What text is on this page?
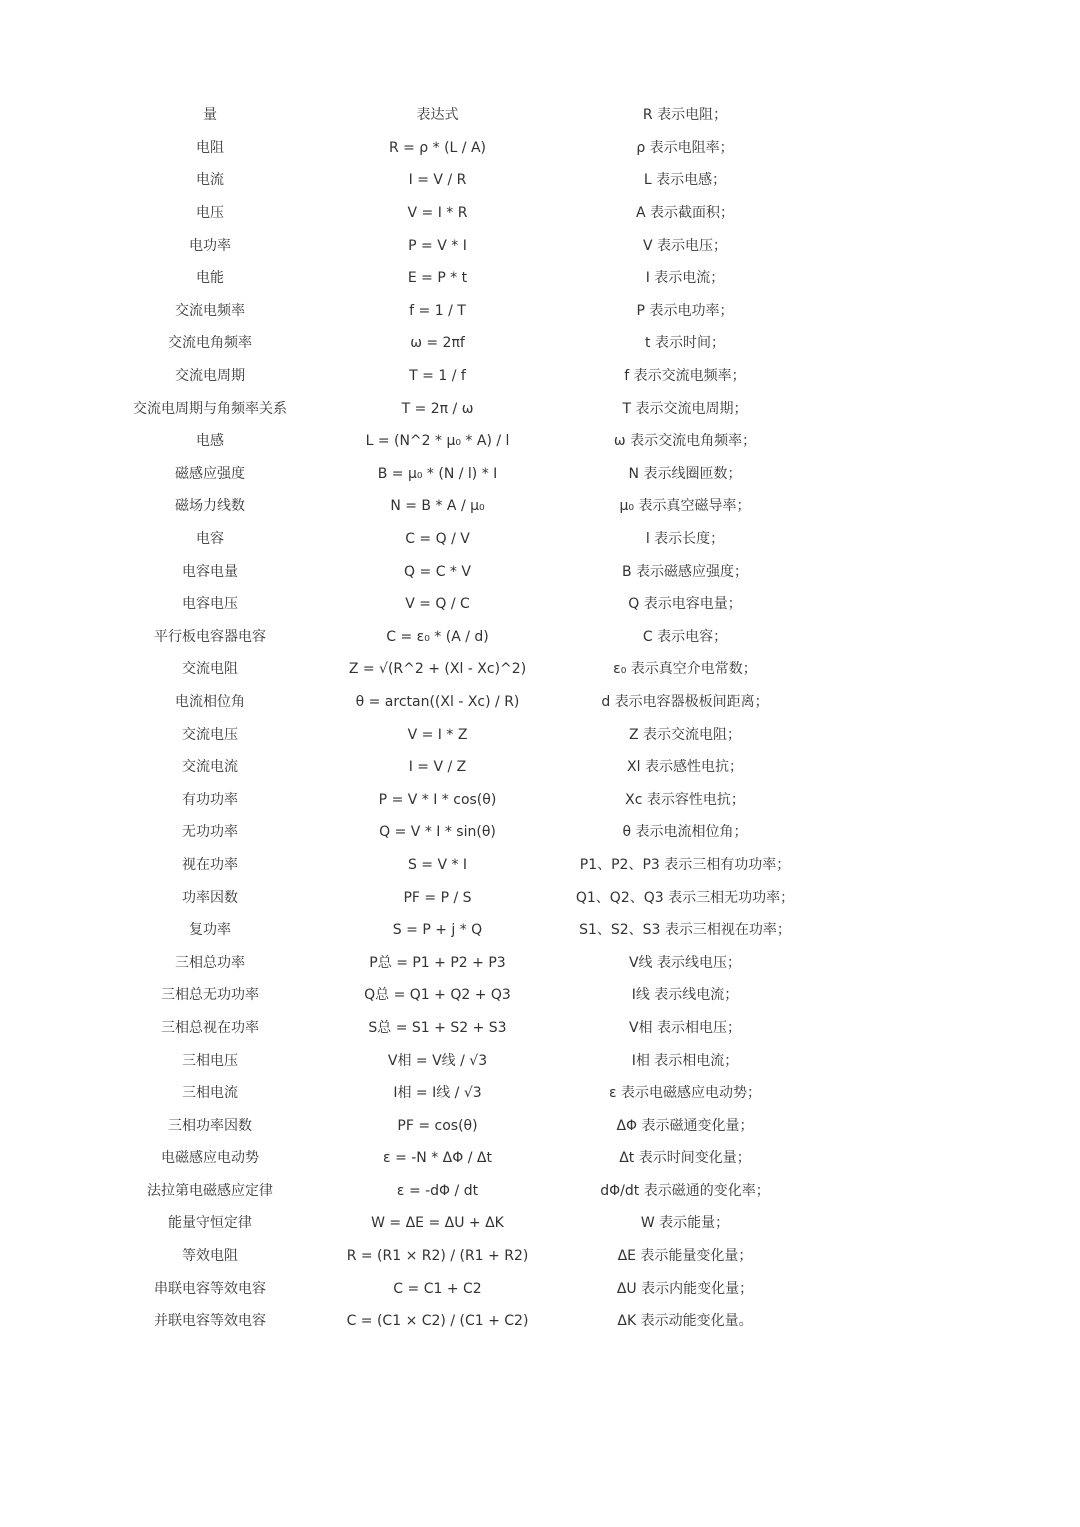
量	表达式	R 表示电阻；
电阻	R = ρ * (L / A)	ρ 表示电阻率；
电流	I = V / R	L 表示电感；
电压	V = I * R	A 表示截面积；
电功率	P = V * I	V 表示电压；
电能	E = P * t	I 表示电流；
交流电频率	f = 1 / T	P 表示电功率；
交流电角频率	ω = 2πf	t 表示时间；
交流电周期	T = 1 / f	f 表示交流电频率；
交流电周期与角频率关系	T = 2π / ω	T 表示交流电周期；
电感	L = (N^2 * μ₀ * A) / l	ω 表示交流电角频率；
磁感应强度	B = μ₀ * (N / l) * I	N 表示线圈匝数；
磁场力线数	N = B * A / μ₀	μ₀ 表示真空磁导率；
电容	C = Q / V	l 表示长度；
电容电量	Q = C * V	B 表示磁感应强度；
电容电压	V = Q / C	Q 表示电容电量；
平行板电容器电容	C = ε₀ * (A / d)	C 表示电容；
交流电阻	Z = √(R^2 + (Xl - Xc)^2)	ε₀ 表示真空介电常数；
电流相位角	θ = arctan((Xl - Xc) / R)	d 表示电容器极板间距离；
交流电压	V = I * Z	Z 表示交流电阻；
交流电流	I = V / Z	Xl 表示感性电抗；
有功功率	P = V * I * cos(θ)	Xc 表示容性电抗；
无功功率	Q = V * I * sin(θ)	θ 表示电流相位角；
视在功率	S = V * I	P1、P2、P3 表示三相有功功率；
功率因数	PF = P / S	Q1、Q2、Q3 表示三相无功功率；
复功率	S = P + j * Q	S1、S2、S3 表示三相视在功率；
三相总功率	P总 = P1 + P2 + P3	V线 表示线电压；
三相总无功功率	Q总 = Q1 + Q2 + Q3	I线 表示线电流；
三相总视在功率	S总 = S1 + S2 + S3	V相 表示相电压；
三相电压	V相 = V线 / √3	I相 表示相电流；
三相电流	I相 = I线 / √3	ε 表示电磁感应电动势；
三相功率因数	PF = cos(θ)	ΔΦ 表示磁通变化量；
电磁感应电动势	ε = -N * ΔΦ / Δt	Δt 表示时间变化量；
法拉第电磁感应定律	ε = -dΦ / dt	dΦ/dt 表示磁通的变化率；
能量守恒定律	W = ΔE = ΔU + ΔK	W 表示能量；
等效电阻	R = (R1 × R2) / (R1 + R2)	ΔE 表示能量变化量；
串联电容等效电容	C = C1 + C2	ΔU 表示内能变化量；
并联电容等效电容	C = (C1 × C2) / (C1 + C2)	ΔK 表示动能变化量。
